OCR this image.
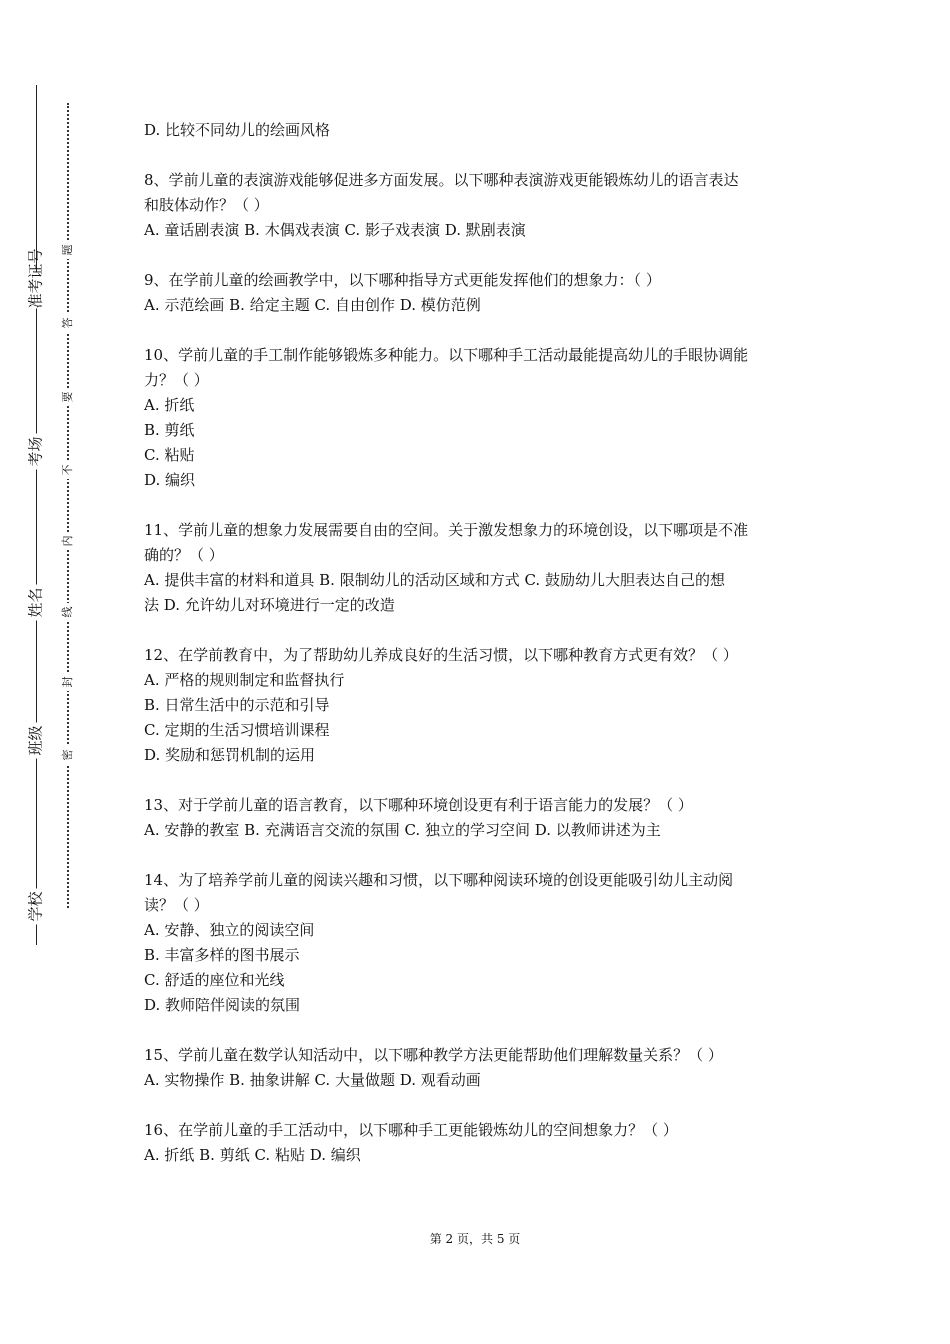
准考证号
考场
姓名
班级
学校
题
答
要
不
内
线
封
密

D. 比较不同幼儿的绘画风格

8、学前儿童的表演游戏能够促进多方面发展。以下哪种表演游戏更能锻炼幼儿的语言表达

和肢体动作？（ ）

A. 童话剧表演 B. 木偶戏表演 C. 影子戏表演 D. 默剧表演

9、在学前儿童的绘画教学中，以下哪种指导方式更能发挥他们的想象力：（ ）

A. 示范绘画 B. 给定主题 C. 自由创作 D. 模仿范例

10、学前儿童的手工制作能够锻炼多种能力。以下哪种手工活动最能提高幼儿的手眼协调能

力？（ ）

A. 折纸

B. 剪纸

C. 粘贴

D. 编织

11、学前儿童的想象力发展需要自由的空间。关于激发想象力的环境创设，以下哪项是不准

确的？（ ）

A. 提供丰富的材料和道具 B. 限制幼儿的活动区域和方式 C. 鼓励幼儿大胆表达自己的想

法 D. 允许幼儿对环境进行一定的改造

12、在学前教育中，为了帮助幼儿养成良好的生活习惯，以下哪种教育方式更有效？（ ）

A. 严格的规则制定和监督执行

B. 日常生活中的示范和引导

C. 定期的生活习惯培训课程

D. 奖励和惩罚机制的运用

13、对于学前儿童的语言教育，以下哪种环境创设更有利于语言能力的发展？（ ）

A. 安静的教室 B. 充满语言交流的氛围 C. 独立的学习空间 D. 以教师讲述为主

14、为了培养学前儿童的阅读兴趣和习惯，以下哪种阅读环境的创设更能吸引幼儿主动阅

读？（ ）

A. 安静、独立的阅读空间

B. 丰富多样的图书展示

C. 舒适的座位和光线

D. 教师陪伴阅读的氛围

15、学前儿童在数学认知活动中，以下哪种教学方法更能帮助他们理解数量关系？（ ）

A. 实物操作 B. 抽象讲解 C. 大量做题 D. 观看动画

16、在学前儿童的手工活动中，以下哪种手工更能锻炼幼儿的空间想象力？（ ）

A. 折纸 B. 剪纸 C. 粘贴 D. 编织

第 2 页，共 5 页
